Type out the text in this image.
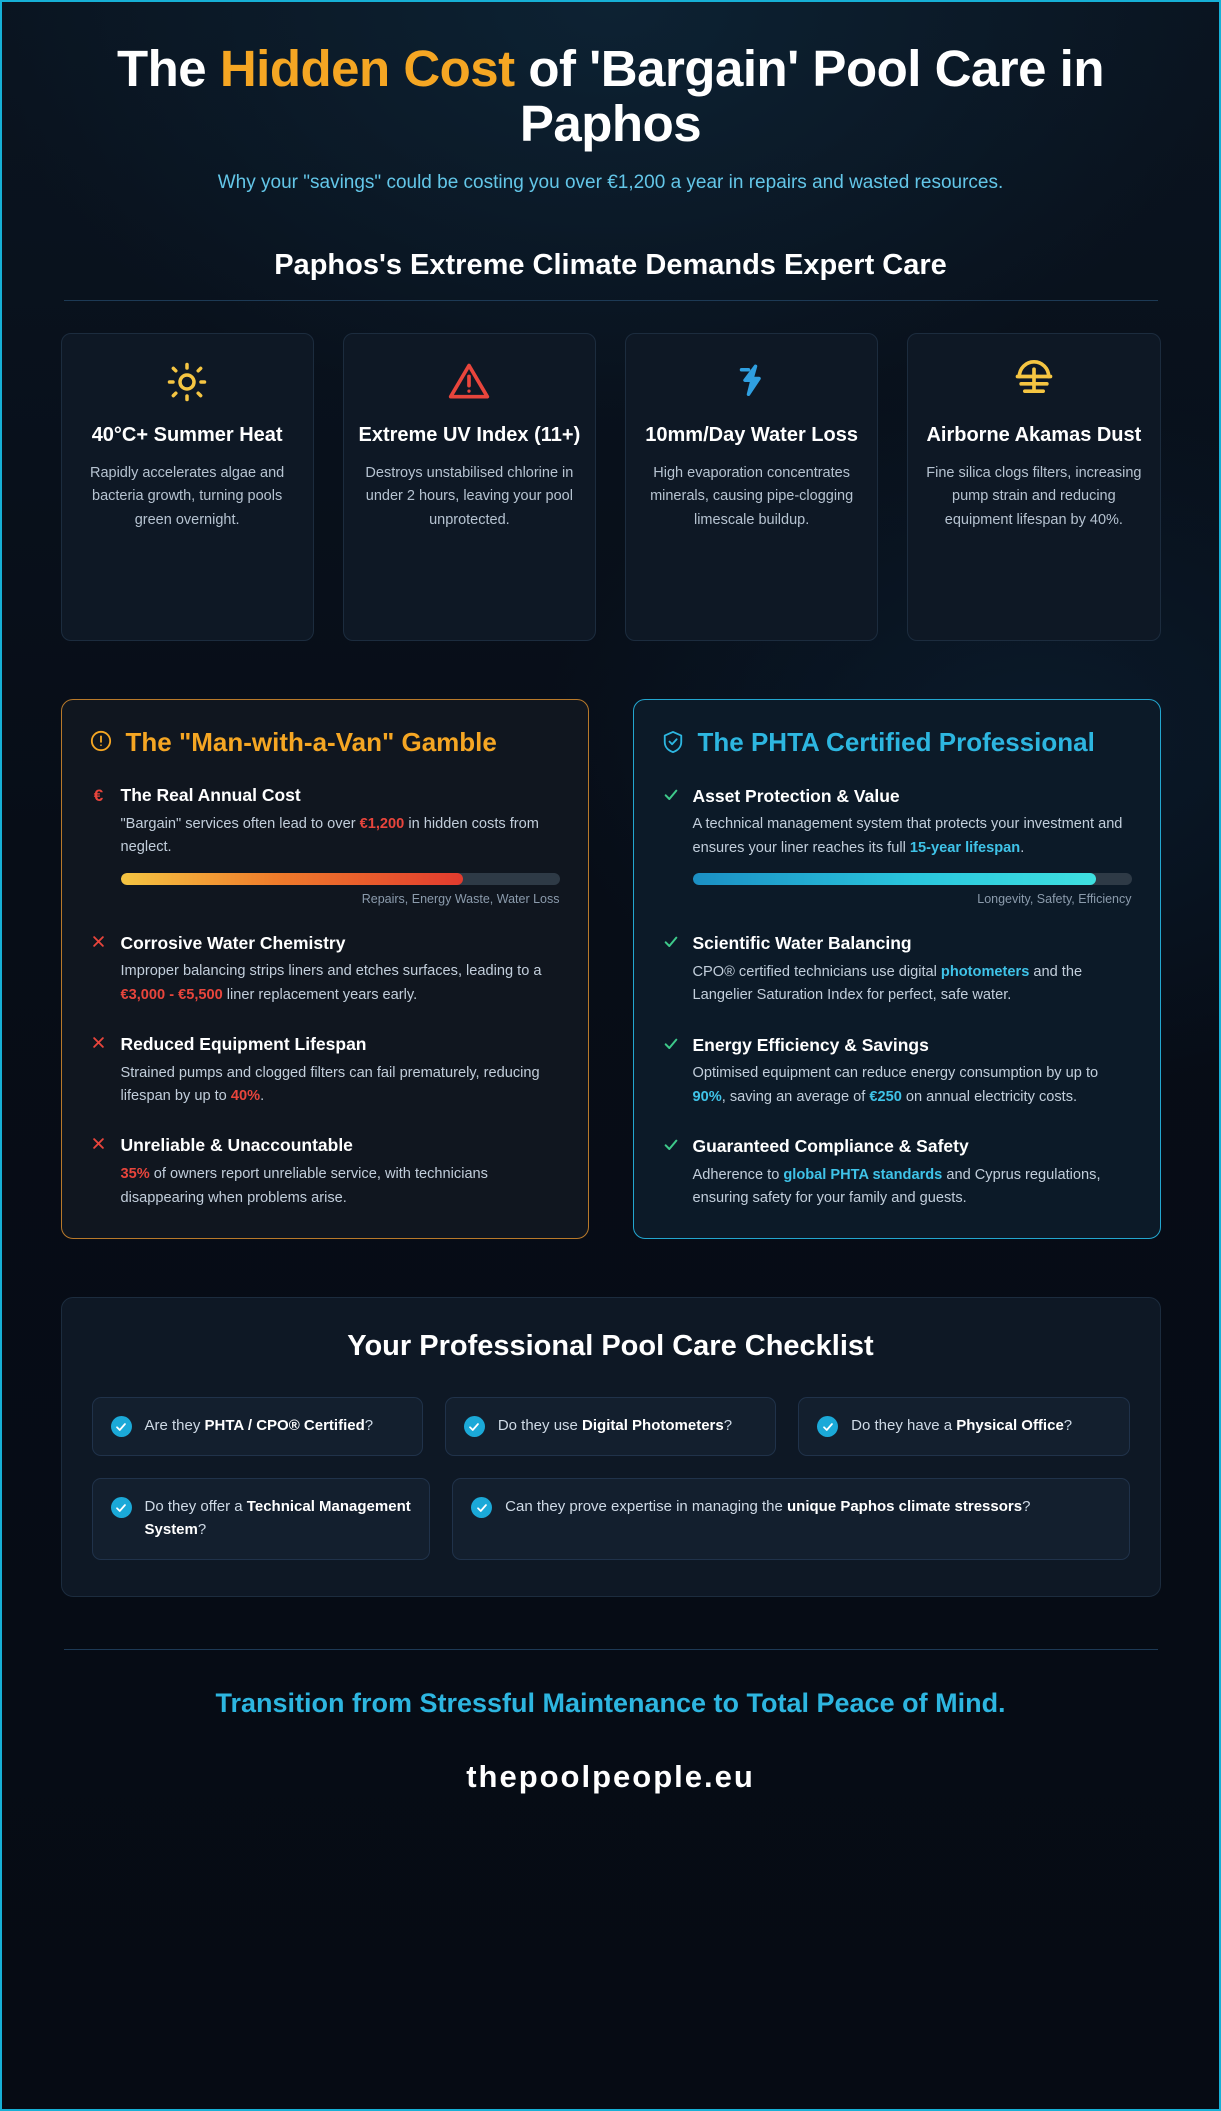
The Hidden Cost of 'Bargain' Pool Care in Paphos

Why your "savings" could be costing you over €1,200 a year in repairs and wasted resources.

Paphos's Extreme Climate Demands Expert Care
40°C+ Summer Heat
Rapidly accelerates algae and bacteria growth, turning pools green overnight.
Extreme UV Index (11+)
Destroys unstabilised chlorine in under 2 hours, leaving your pool unprotected.
10mm/Day Water Loss
High evaporation concentrates minerals, causing pipe-clogging limescale buildup.
Airborne Akamas Dust
Fine silica clogs filters, increasing pump strain and reducing equipment lifespan by 40%.
The "Man-with-a-Van" Gamble
€ The Real Annual Cost
"Bargain" services often lead to over €1,200 in hidden costs from neglect.
Repairs, Energy Waste, Water Loss
Corrosive Water Chemistry
Improper balancing strips liners and etches surfaces, leading to a €3,000 - €5,500 liner replacement years early.
Reduced Equipment Lifespan
Strained pumps and clogged filters can fail prematurely, reducing lifespan by up to 40%.
Unreliable & Unaccountable
35% of owners report unreliable service, with technicians disappearing when problems arise.
The PHTA Certified Professional
Asset Protection & Value
A technical management system that protects your investment and ensures your liner reaches its full 15-year lifespan.
Longevity, Safety, Efficiency
Scientific Water Balancing
CPO® certified technicians use digital photometers and the Langelier Saturation Index for perfect, safe water.
Energy Efficiency & Savings
Optimised equipment can reduce energy consumption by up to 90%, saving an average of €250 on annual electricity costs.
Guaranteed Compliance & Safety
Adherence to global PHTA standards and Cyprus regulations, ensuring safety for your family and guests.
Your Professional Pool Care Checklist
Are they PHTA / CPO® Certified?	Do they use Digital Photometers?	Do they have a Physical Office?
Do they offer a Technical Management System?
Can they prove expertise in managing the unique Paphos climate stressors?
Transition from Stressful Maintenance to Total Peace of Mind.
thepoolpeople.eu
